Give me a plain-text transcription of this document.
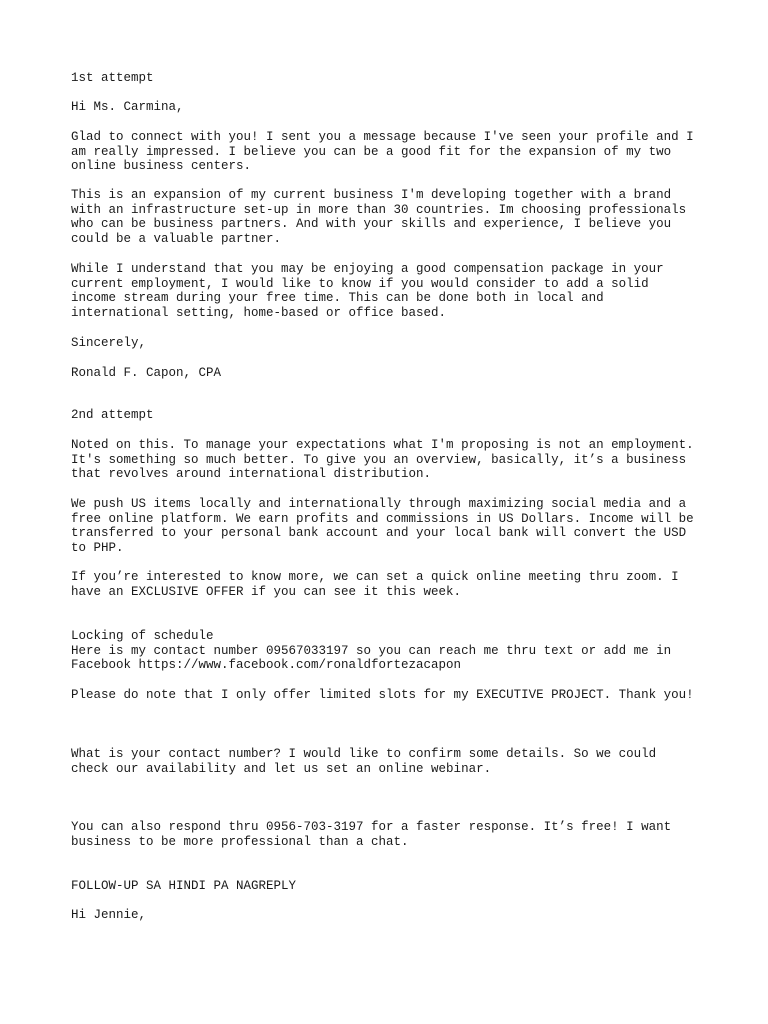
1st attempt

Hi Ms. Carmina,

Glad to connect with you! I sent you a message because I've seen your profile and I
am really impressed. I believe you can be a good fit for the expansion of my two
online business centers.

This is an expansion of my current business I'm developing together with a brand
with an infrastructure set-up in more than 30 countries. Im choosing professionals
who can be business partners. And with your skills and experience, I believe you
could be a valuable partner.

While I understand that you may be enjoying a good compensation package in your
current employment, I would like to know if you would consider to add a solid
income stream during your free time. This can be done both in local and
international setting, home-based or office based.

Sincerely,

Ronald F. Capon, CPA

2nd attempt

Noted on this. To manage your expectations what I'm proposing is not an employment.
It's something so much better. To give you an overview, basically, it’s a business
that revolves around international distribution.

We push US items locally and internationally through maximizing social media and a
free online platform. We earn profits and commissions in US Dollars. Income will be
transferred to your personal bank account and your local bank will convert the USD
to PHP.

If you’re interested to know more, we can set a quick online meeting thru zoom. I
have an EXCLUSIVE OFFER if you can see it this week.

Locking of schedule
Here is my contact number 09567033197 so you can reach me thru text or add me in
Facebook https://www.facebook.com/ronaldfortezacapon

Please do note that I only offer limited slots for my EXECUTIVE PROJECT. Thank you!

What is your contact number? I would like to confirm some details. So we could
check our availability and let us set an online webinar.

You can also respond thru 0956-703-3197 for a faster response. It’s free! I want
business to be more professional than a chat.

FOLLOW-UP SA HINDI PA NAGREPLY

Hi Jennie,
